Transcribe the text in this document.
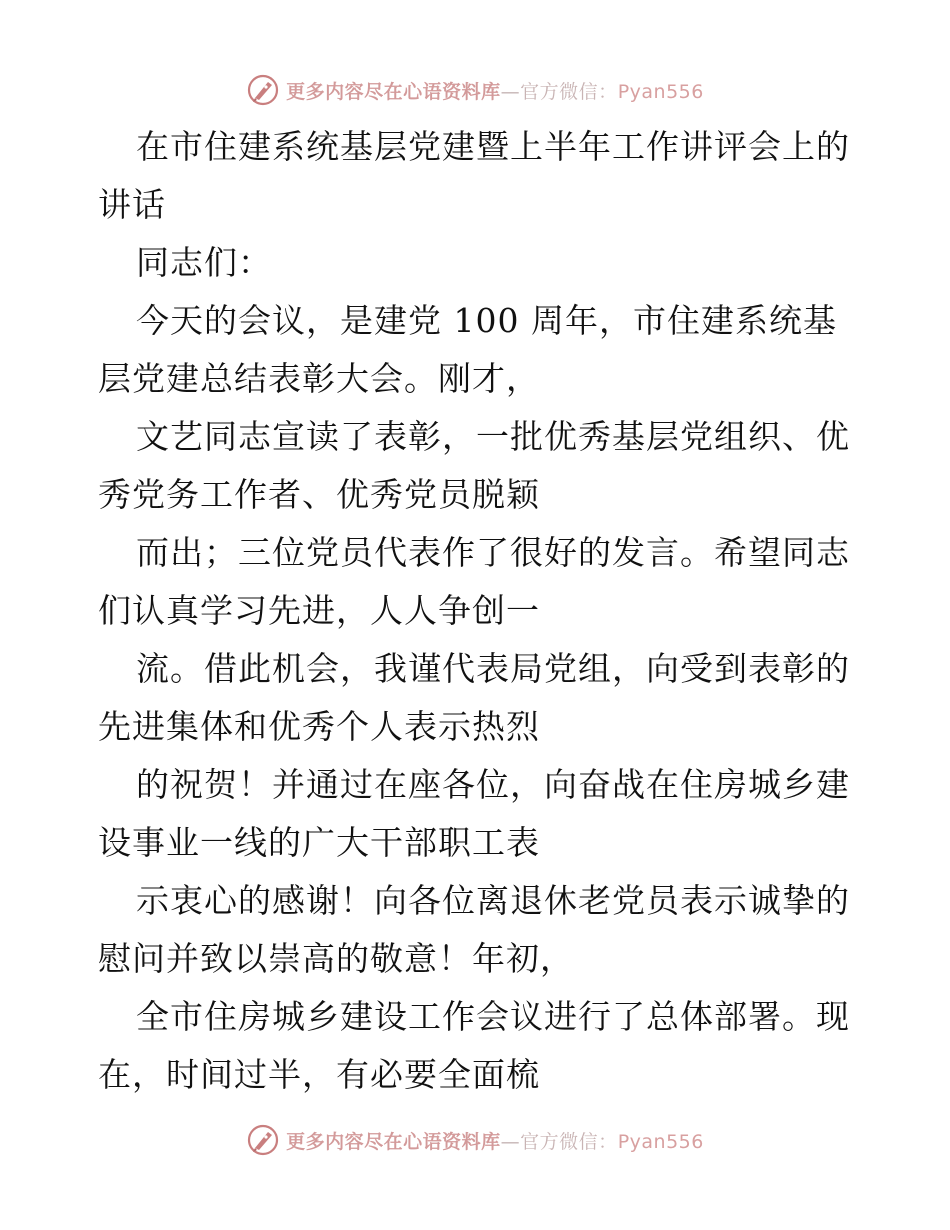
更多内容尽在心语资料库—官方微信：Pyan556
在市住建系统基层党建暨上半年工作讲评会上的
讲话
同志们：
今天的会议，是建党 100 周年，市住建系统基
层党建总结表彰大会。刚才，
文艺同志宣读了表彰，一批优秀基层党组织、优
秀党务工作者、优秀党员脱颖
而出；三位党员代表作了很好的发言。希望同志
们认真学习先进，人人争创一
流。借此机会，我谨代表局党组，向受到表彰的
先进集体和优秀个人表示热烈
的祝贺！并通过在座各位，向奋战在住房城乡建
设事业一线的广大干部职工表
示衷心的感谢！向各位离退休老党员表示诚挚的
慰问并致以崇高的敬意！年初，
全市住房城乡建设工作会议进行了总体部署。现
在，时间过半，有必要全面梳
更多内容尽在心语资料库—官方微信：Pyan556
